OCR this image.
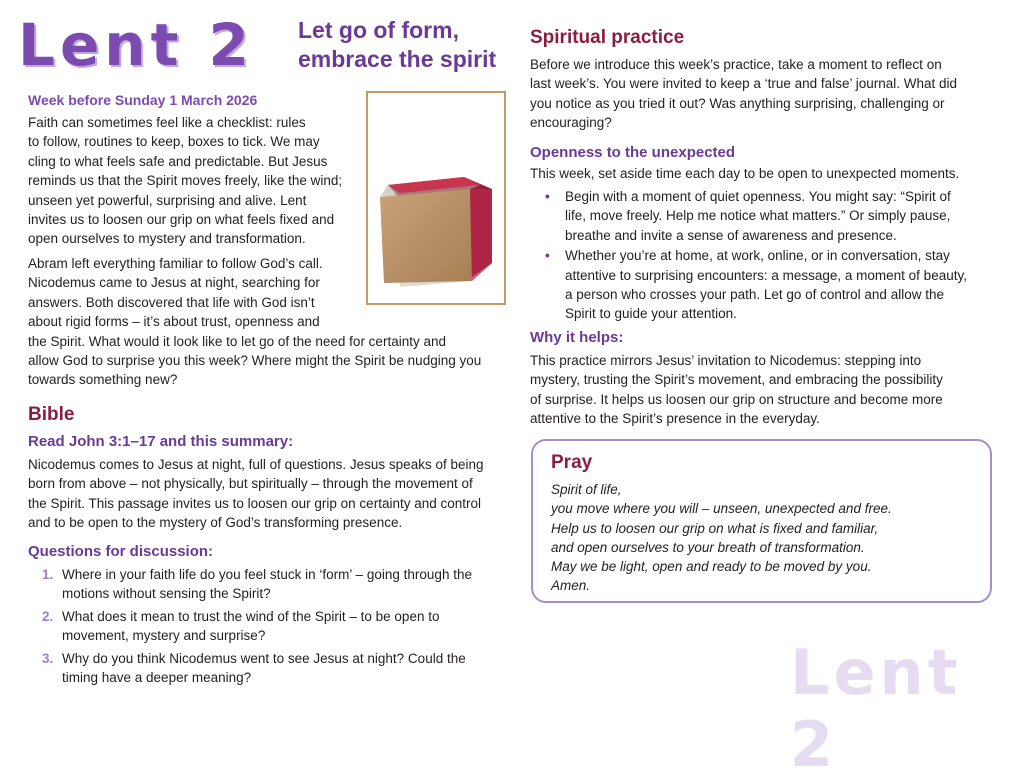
Lent 2 Let go of form,
embrace the spirit
Week before Sunday 1 March 2026
Faith can sometimes feel like a checklist: rules
to follow, routines to keep, boxes to tick. We may
cling to what feels safe and predictable. But Jesus
reminds us that the Spirit moves freely, like the wind;
unseen yet powerful, surprising and alive. Lent
invites us to loosen our grip on what feels fixed and
open ourselves to mystery and transformation.
Abram left everything familiar to follow God’s call.
Nicodemus came to Jesus at night, searching for
answers. Both discovered that life with God isn’t
about rigid forms – it’s about trust, openness and
the Spirit. What would it look like to let go of the need for certainty and
allow God to surprise you this week? Where might the Spirit be nudging you
towards something new?
Bible
Read John 3:1–17 and this summary:
Nicodemus comes to Jesus at night, full of questions. Jesus speaks of being
born from above – not physically, but spiritually – through the movement of
the Spirit. This passage invites us to loosen our grip on certainty and control
and to be open to the mystery of God’s transforming presence.
Questions for discussion:
1. Where in your faith life do you feel stuck in ‘form’ – going through the
motions without sensing the Spirit?
2. What does it mean to trust the wind of the Spirit – to be open to
movement, mystery and surprise?
3. Why do you think Nicodemus went to see Jesus at night? Could the
timing have a deeper meaning?
Spiritual practice
Before we introduce this week’s practice, take a moment to reflect on
last week’s. You were invited to keep a ‘true and false’ journal. What did
you notice as you tried it out? Was anything surprising, challenging or
encouraging?
Openness to the unexpected
This week, set aside time each day to be open to unexpected moments.
• Begin with a moment of quiet openness. You might say: “Spirit of
life, move freely. Help me notice what matters.” Or simply pause,
breathe and invite a sense of awareness and presence.
• Whether you’re at home, at work, online, or in conversation, stay
attentive to surprising encounters: a message, a moment of beauty,
a person who crosses your path. Let go of control and allow the
Spirit to guide your attention.
Why it helps:
This practice mirrors Jesus’ invitation to Nicodemus: stepping into
mystery, trusting the Spirit’s movement, and embracing the possibility
of surprise. It helps us loosen our grip on structure and become more
attentive to the Spirit’s presence in the everyday.
Pray
Spirit of life,
you move where you will – unseen, unexpected and free.
Help us to loosen our grip on what is fixed and familiar,
and open ourselves to your breath of transformation.
May we be light, open and ready to be moved by you.
Amen.
Lent 2
